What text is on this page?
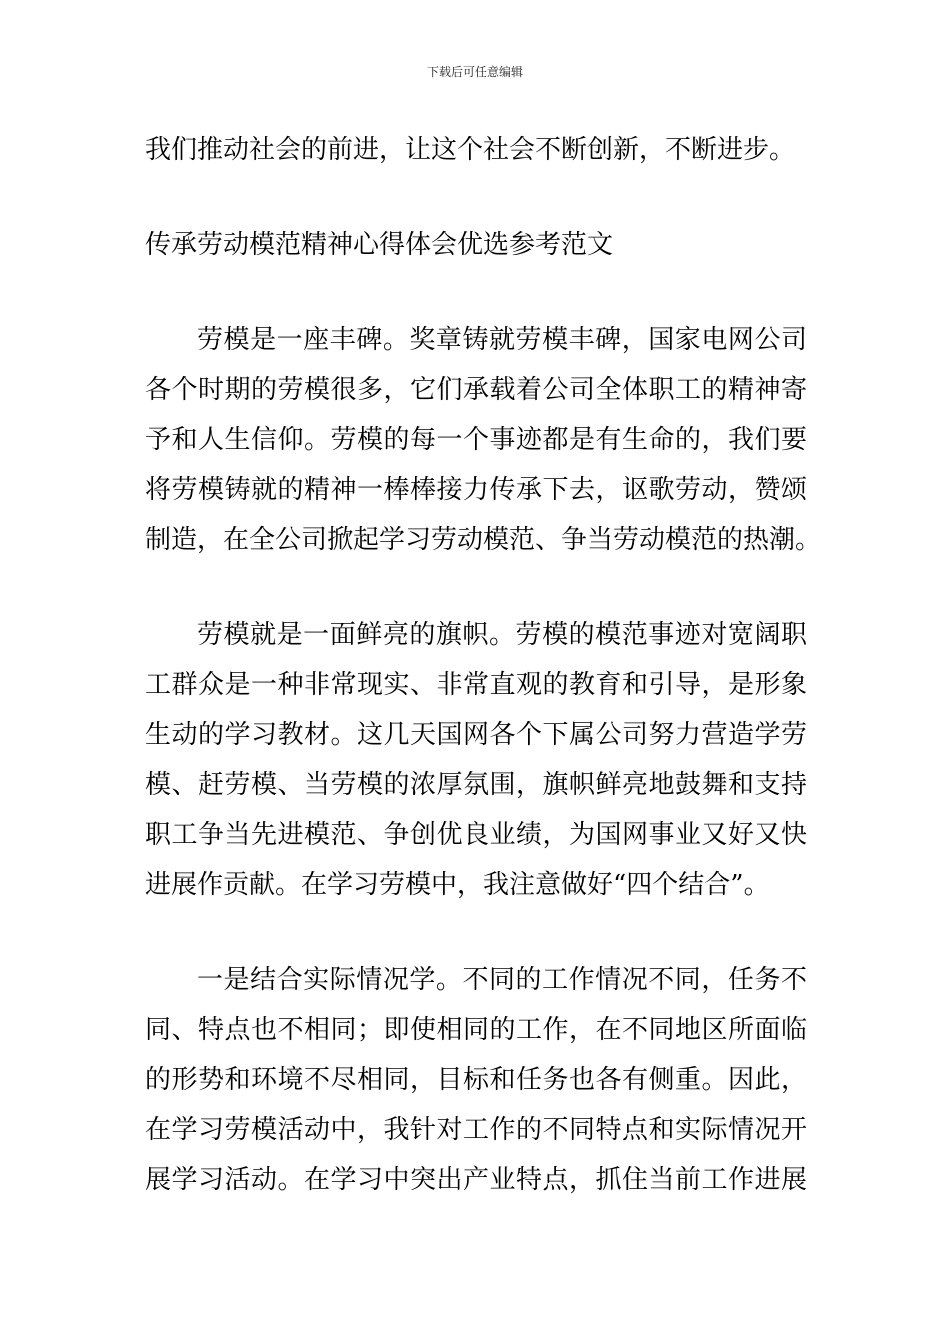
下载后可任意编辑
我们推动社会的前进，让这个社会不断创新，不断进步。
传承劳动模范精神心得体会优选参考范文
劳模是一座丰碑。奖章铸就劳模丰碑，国家电网公司
各个时期的劳模很多，它们承载着公司全体职工的精神寄
予和人生信仰。劳模的每一个事迹都是有生命的，我们要
将劳模铸就的精神一棒棒接力传承下去，讴歌劳动，赞颂
制造，在全公司掀起学习劳动模范、争当劳动模范的热潮。
劳模就是一面鲜亮的旗帜。劳模的模范事迹对宽阔职
工群众是一种非常现实、非常直观的教育和引导，是形象
生动的学习教材。这几天国网各个下属公司努力营造学劳
模、赶劳模、当劳模的浓厚氛围，旗帜鲜亮地鼓舞和支持
职工争当先进模范、争创优良业绩，为国网事业又好又快
进展作贡献。在学习劳模中，我注意做好“四个结合”。
一是结合实际情况学。不同的工作情况不同，任务不
同、特点也不相同；即使相同的工作，在不同地区所面临
的形势和环境不尽相同，目标和任务也各有侧重。因此，
在学习劳模活动中，我针对工作的不同特点和实际情况开
展学习活动。在学习中突出产业特点，抓住当前工作进展
